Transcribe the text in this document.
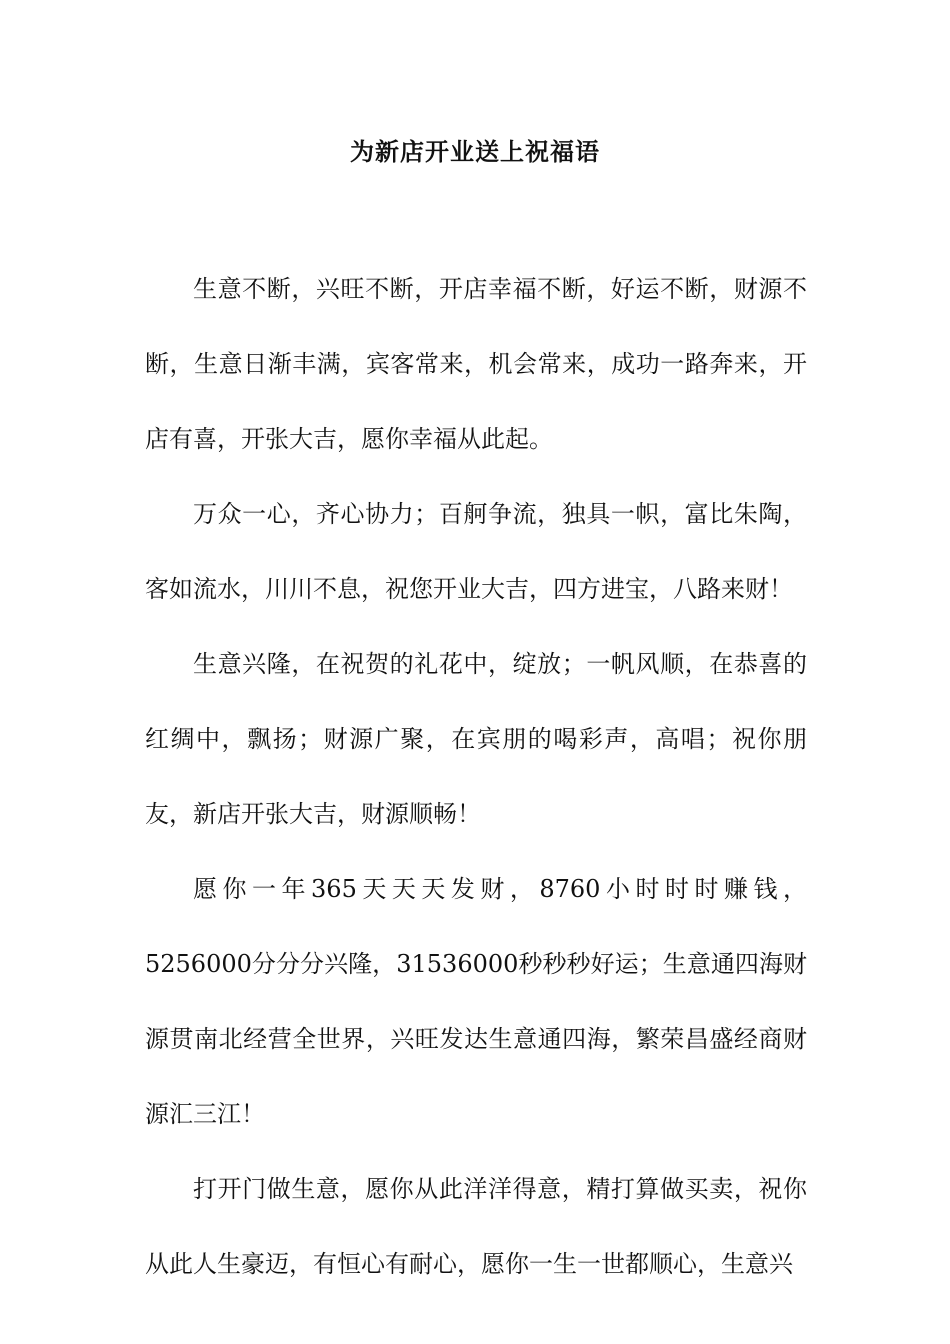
为新店开业送上祝福语

生意不断，兴旺不断，开店幸福不断，好运不断，财源不断，生意日渐丰满，宾客常来，机会常来，成功一路奔来，开店有喜，开张大吉，愿你幸福从此起。

万众一心，齐心协力；百舸争流，独具一帜，富比朱陶，客如流水，川川不息，祝您开业大吉，四方进宝，八路来财！

生意兴隆，在祝贺的礼花中，绽放；一帆风顺，在恭喜的红绸中，飘扬；财源广聚，在宾朋的喝彩声，高唱；祝你朋友，新店开张大吉，财源顺畅！

愿你一年365天天天发财，8760小时时时赚钱，5256000分分分兴隆，31536000秒秒秒好运；生意通四海财源贯南北经营全世界，兴旺发达生意通四海，繁荣昌盛经商财源汇三江！

打开门做生意，愿你从此洋洋得意，精打算做买卖，祝你从此人生豪迈，有恒心有耐心，愿你一生一世都顺心，生意兴
